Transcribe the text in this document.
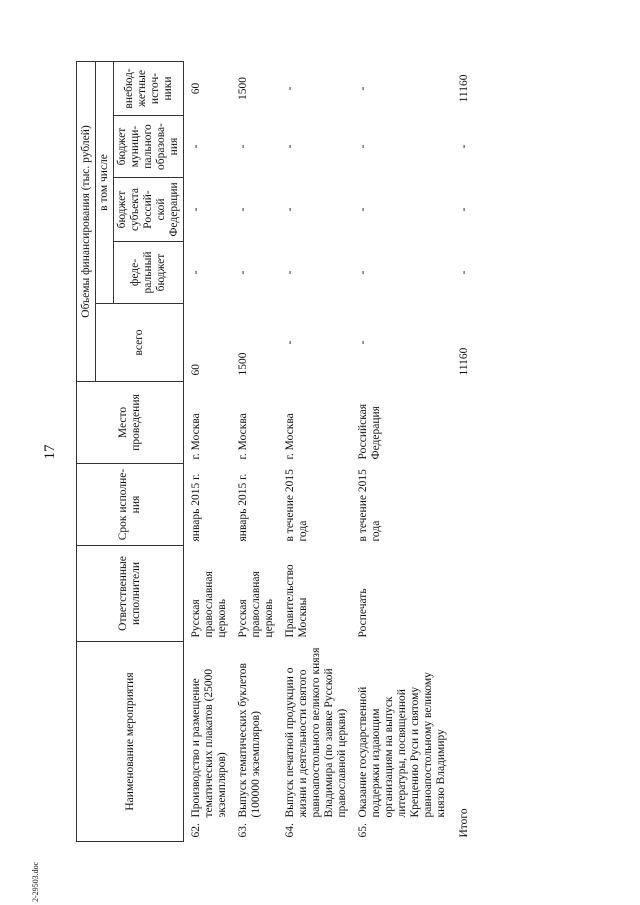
17
Наименование мероприятия	Ответственные исполнители	Срок исполне-ния	Место проведения	Объемы финансирования (тыс. рублей)				
				всего	в том числе			
					феде-ральный бюджет	бюджет субъекта Россий-ской Федерации	бюджет муници-пального образова-ния	внебюд-жетные источ-ники

62.
Производство и размещение тематических плакатов (25000 экземпляров)	Русская православная церковь	январь 2015 г.	г. Москва	60	-	-	-	60

63.
Выпуск тематических буклетов (100000 экземпляров)	Русская православная церковь	январь 2015 г.	г. Москва	1500	-	-	-	1500

64.
Выпуск печатной продукции о жизни и деятельности святого равноапостольного великого князя Владимира (по заявке Русской православной церкви)	Правительство Москвы	в течение 2015 года	г. Москва	-	-	-	-	-

65.
Оказание государственной поддержки издающим организациям на выпуск литературы, посвященной Крещению Руси и святому равноапостольному великому князю Владимиру	Роспечать	в течение 2015 года	Российская Федерация	-	-	-	-	-
Итого				11160	-	-	-	11160
2-29503.doc
